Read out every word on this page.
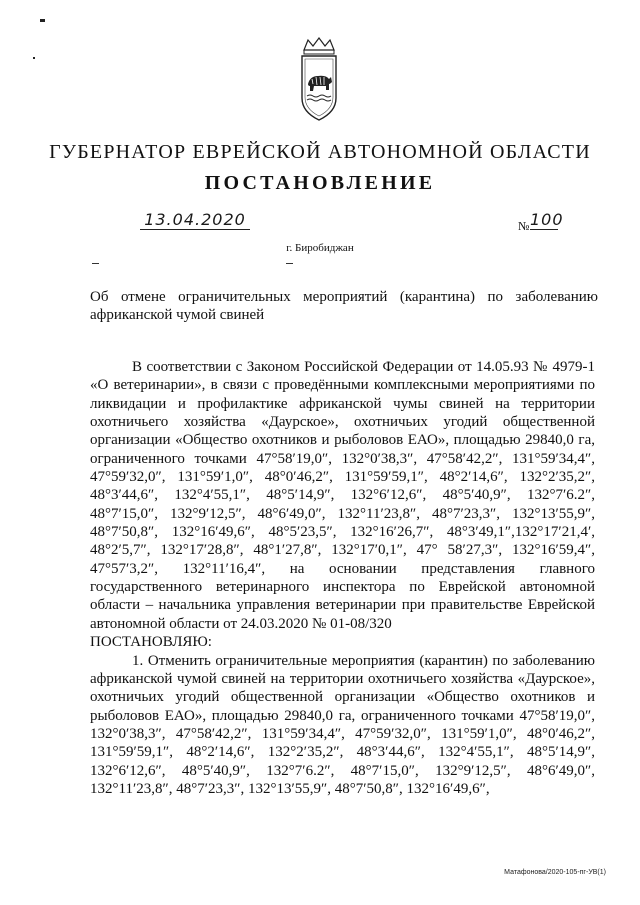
ГУБЕРНАТОР ЕВРЕЙСКОЙ АВТОНОМНОЙ ОБЛАСТИ
ПОСТАНОВЛЕНИЕ
13.04.2020	№ 100
г. Биробиджан
Об отмене ограничительных мероприятий (карантина) по заболеванию африканской чумой свиней

В соответствии с Законом Российской Федерации от 14.05.93 № 4979-1 «О ветеринарии», в связи с проведёнными комплексными мероприятиями по ликвидации и профилактике африканской чумы свиней на территории охотничьего хозяйства «Даурское», охотничьих угодий общественной организации «Общество охотников и рыболовов ЕАО», площадью 29840,0 га, ограниченного точками 47°58′19,0″, 132°0′38,3″, 47°58′42,2″, 131°59′34,4″, 47°59′32,0″, 131°59′1,0″, 48°0′46,2″, 131°59′59,1″, 48°2′14,6″, 132°2′35,2″, 48°3′44,6″, 132°4′55,1″, 48°5′14,9″, 132°6′12,6″, 48°5′40,9″, 132°7′6.2″, 48°7′15,0″, 132°9′12,5″, 48°6′49,0″, 132°11′23,8″, 48°7′23,3″, 132°13′55,9″, 48°7′50,8″, 132°16′49,6″, 48°5′23,5″, 132°16′26,7″, 48°3′49,1″,132°17′21,4′, 48°2′5,7″, 132°17′28,8″, 48°1′27,8″, 132°17′0,1″, 47° 58′27,3″, 132°16′59,4″, 47°57′3,2″, 132°11′16,4″, на основании представления главного государственного ветеринарного инспектора по Еврейской автономной области – начальника управления ветеринарии при правительстве Еврейской автономной области от 24.03.2020 № 01-08/320

ПОСТАНОВЛЯЮ:

1. Отменить ограничительные мероприятия (карантин) по заболеванию африканской чумой свиней на территории охотничьего хозяйства «Даурское», охотничьих угодий общественной организации «Общество охотников и рыболовов ЕАО», площадью 29840,0 га, ограниченного точками 47°58′19,0″, 132°0′38,3″, 47°58′42,2″, 131°59′34,4″, 47°59′32,0″, 131°59′1,0″, 48°0′46,2″, 131°59′59,1″, 48°2′14,6″, 132°2′35,2″, 48°3′44,6″, 132°4′55,1″, 48°5′14,9″, 132°6′12,6″, 48°5′40,9″, 132°7′6.2″, 48°7′15,0″, 132°9′12,5″, 48°6′49,0″, 132°11′23,8″, 48°7′23,3″, 132°13′55,9″, 48°7′50,8″, 132°16′49,6″,

Матафонова/2020-105-пг-УВ(1)
